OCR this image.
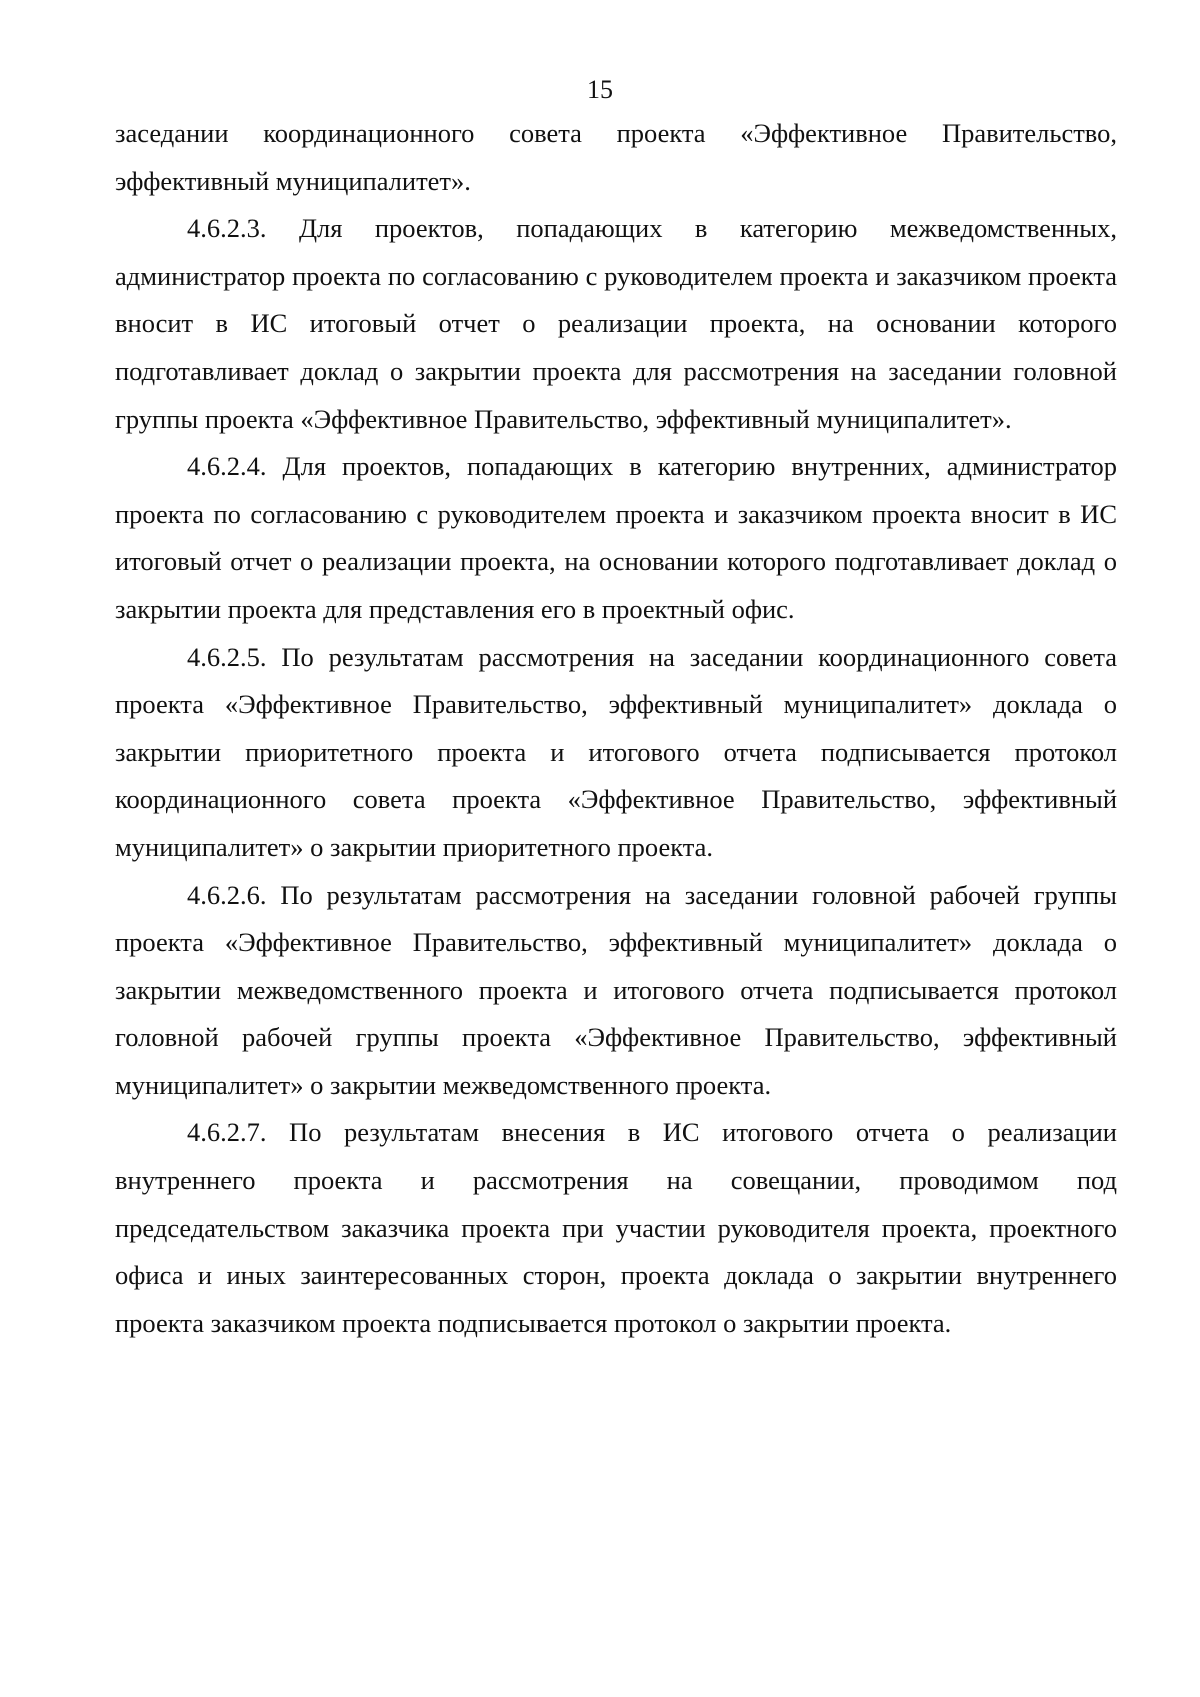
15

заседании координационного совета проекта «Эффективное Правительство, эффективный муниципалитет».

4.6.2.3. Для проектов, попадающих в категорию межведомственных, администратор проекта по согласованию с руководителем проекта и заказчиком проекта вносит в ИС итоговый отчет о реализации проекта, на основании которого подготавливает доклад о закрытии проекта для рассмотрения на заседании головной группы проекта «Эффективное Правительство, эффективный муниципалитет».

4.6.2.4. Для проектов, попадающих в категорию внутренних, администратор проекта по согласованию с руководителем проекта и заказчиком проекта вносит в ИС итоговый отчет о реализации проекта, на основании которого подготавливает доклад о закрытии проекта для представления его в проектный офис.

4.6.2.5. По результатам рассмотрения на заседании координационного совета проекта «Эффективное Правительство, эффективный муниципалитет» доклада о закрытии приоритетного проекта и итогового отчета подписывается протокол координационного совета проекта «Эффективное Правительство, эффективный муниципалитет» о закрытии приоритетного проекта.

4.6.2.6. По результатам рассмотрения на заседании головной рабочей группы проекта «Эффективное Правительство, эффективный муниципалитет» доклада о закрытии межведомственного проекта и итогового отчета подписывается протокол головной рабочей группы проекта «Эффективное Правительство, эффективный муниципалитет» о закрытии межведомственного проекта.

4.6.2.7. По результатам внесения в ИС итогового отчета о реализации внутреннего проекта и рассмотрения на совещании, проводимом под председательством заказчика проекта при участии руководителя проекта, проектного офиса и иных заинтересованных сторон, проекта доклада о закрытии внутреннего проекта заказчиком проекта подписывается протокол о закрытии проекта.
